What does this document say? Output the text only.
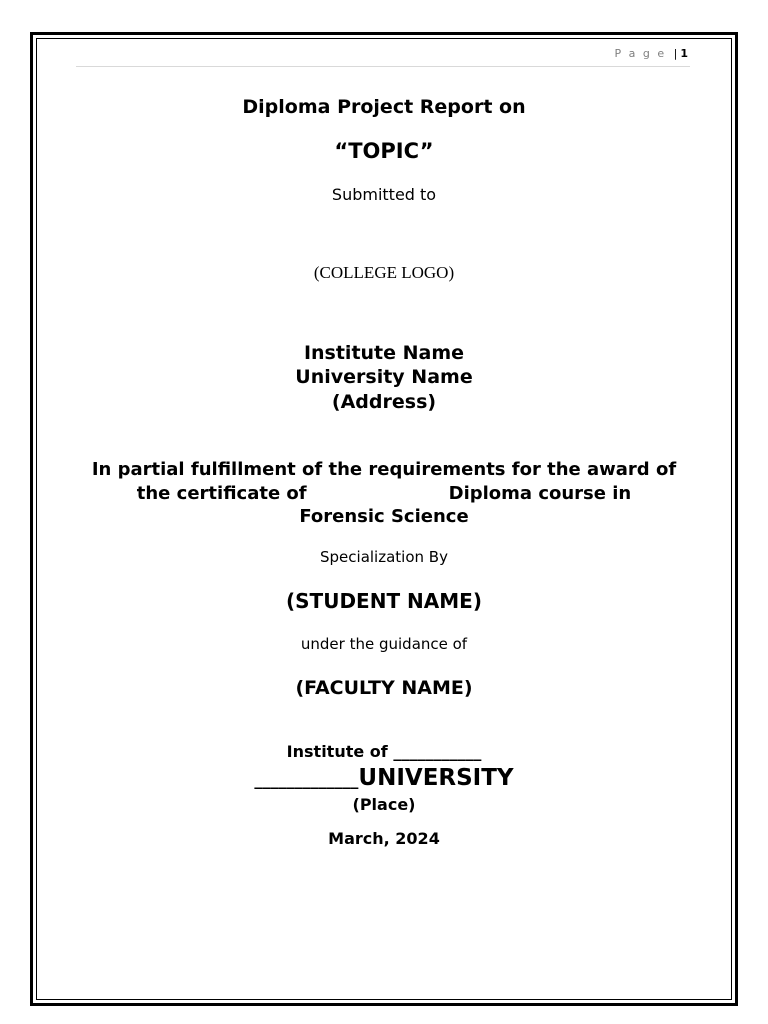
P a g e | 1
Diploma Project Report on
“TOPIC”
Submitted to
(COLLEGE LOGO)
Institute Name
University Name
(Address)
In partial fulfillment of the requirements for the award of
the certificate of	Diploma course in
Forensic Science
Specialization By
(STUDENT NAME)
under the guidance of
(FACULTY NAME)
Institute of ___________
_____________UNIVERSITY
(Place)
March, 2024
